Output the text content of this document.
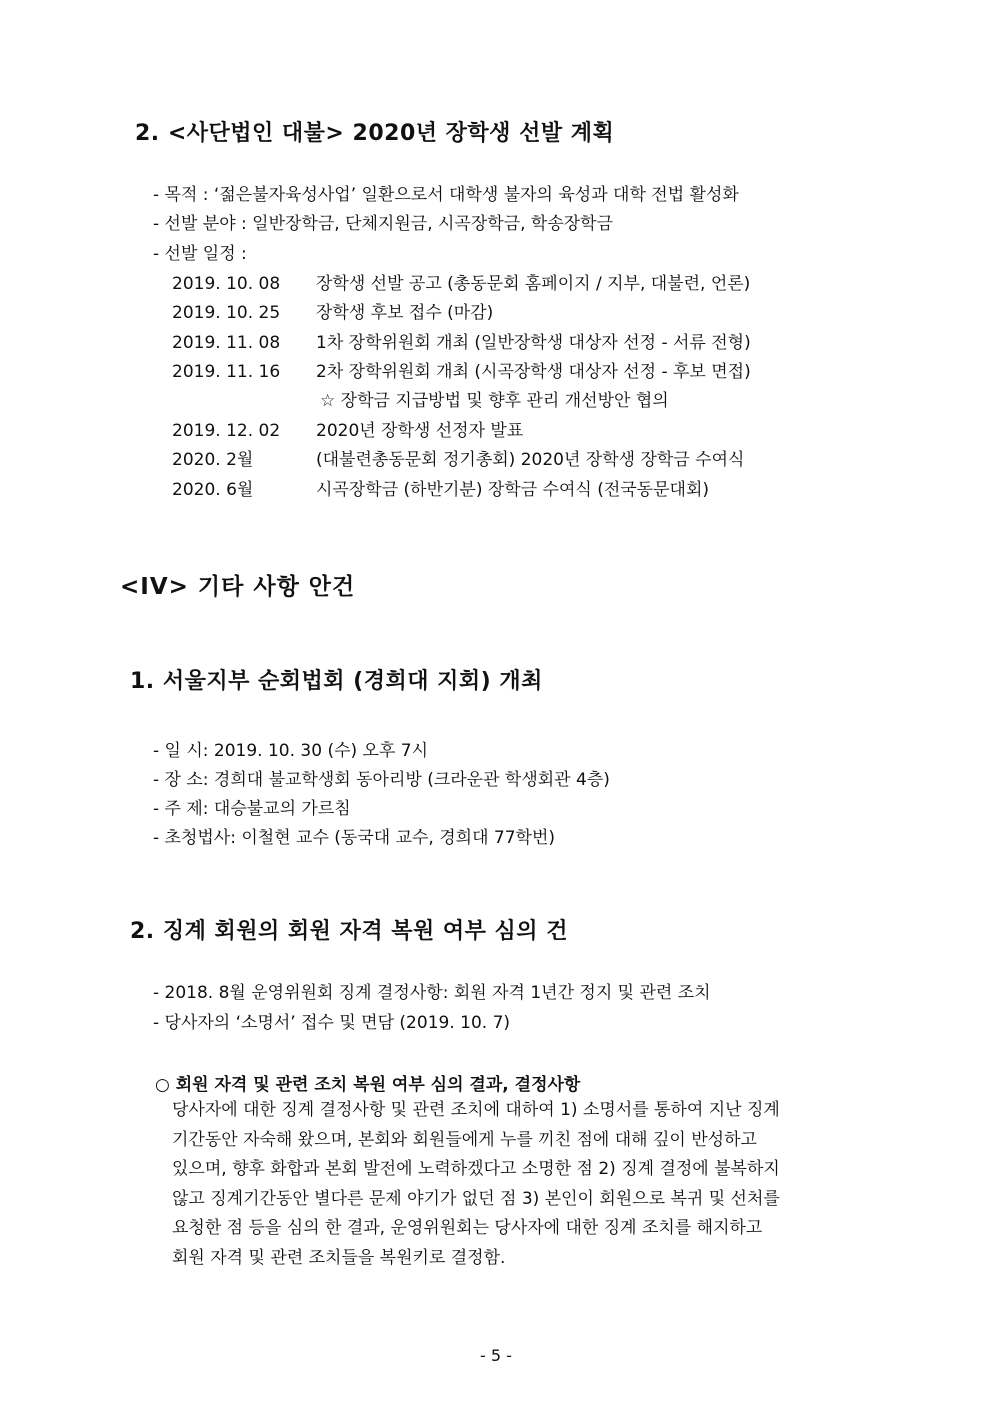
2. <사단법인 대불> 2020년 장학생 선발 계획
- 목적 : ‘젊은불자육성사업’ 일환으로서 대학생 불자의 육성과 대학 전법 활성화
- 선발 분야 : 일반장학금, 단체지원금, 시곡장학금, 학송장학금
- 선발 일정 :
2019. 10. 08 장학생 선발 공고 (총동문회 홈페이지 / 지부, 대불련, 언론)
2019. 10. 25 장학생 후보 접수 (마감)
2019. 11. 08 1차 장학위원회 개최 (일반장학생 대상자 선정 - 서류 전형)
2019. 11. 16 2차 장학위원회 개최 (시곡장학생 대상자 선정 - 후보 면접)
☆ 장학금 지급방법 및 향후 관리 개선방안 협의
2019. 12. 02 2020년 장학생 선정자 발표
2020. 2월	(대불련총동문회 정기총회) 2020년 장학생 장학금 수여식
2020. 6월	시곡장학금 (하반기분) 장학금 수여식 (전국동문대회)
<IV> 기타 사항 안건
1. 서울지부 순회법회 (경희대 지회) 개최
- 일 시: 2019. 10. 30 (수) 오후 7시
- 장 소: 경희대 불교학생회 동아리방 (크라운관 학생회관 4층)
- 주 제: 대승불교의 가르침
- 초청법사: 이철현 교수 (동국대 교수, 경희대 77학번)
2. 징계 회원의 회원 자격 복원 여부 심의 건
- 2018. 8월 운영위원회 징계 결정사항: 회원 자격 1년간 정지 및 관련 조치
- 당사자의 ‘소명서’ 접수 및 면담 (2019. 10. 7)
○ 회원 자격 및 관련 조치 복원 여부 심의 결과, 결정사항
당사자에 대한 징계 결정사항 및 관련 조치에 대하여 1) 소명서를 통하여 지난 징계
기간동안 자숙해 왔으며, 본회와 회원들에게 누를 끼친 점에 대해 깊이 반성하고
있으며, 향후 화합과 본회 발전에 노력하겠다고 소명한 점 2) 징계 결정에 불복하지
않고 징계기간동안 별다른 문제 야기가 없던 점 3) 본인이 회원으로 복귀 및 선처를
요청한 점 등을 심의 한 결과, 운영위원회는 당사자에 대한 징계 조치를 해지하고
회원 자격 및 관련 조치들을 복원키로 결정함.
- 5 -
